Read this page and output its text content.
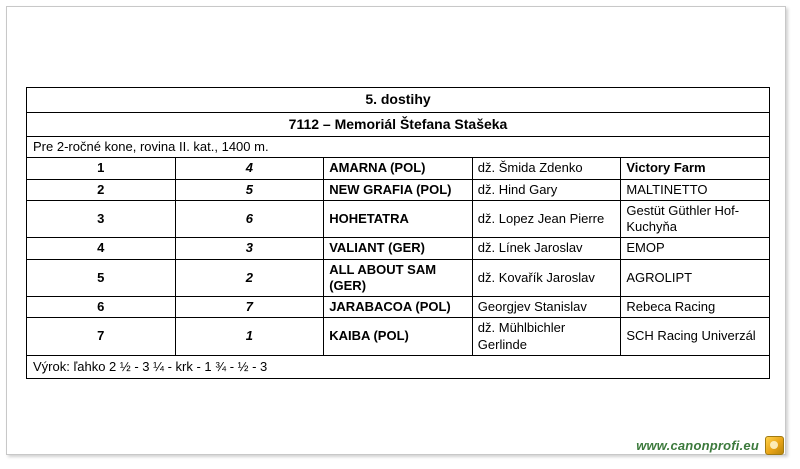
5. dostihy				
7112 – Memoriál Štefana Stašeka				
Pre 2-ročné kone, rovina II. kat., 1400 m.				
1	4	AMARNA (POL)	dž. Šmida Zdenko	Victory Farm
2	5	NEW GRAFIA (POL)	dž. Hind Gary	MALTINETTO
3	6	HOHETATRA	dž. Lopez Jean Pierre	Gestüt Güthler Hof-Kuchyňa
4	3	VALIANT (GER)	dž. Línek Jaroslav	EMOP
5	2	ALL ABOUT SAM (GER)	dž. Kovařík Jaroslav	AGROLIPT
6	7	JARABACOA (POL)	Georgjev Stanislav	Rebeca Racing
7	1	KAIBA (POL)	dž. Mühlbichler Gerlinde	SCH Racing Univerzál
Výrok: ľahko 2 ½ - 3 ¼ - krk - 1 ¾ - ½ - 3				
www.canonprofi.eu
